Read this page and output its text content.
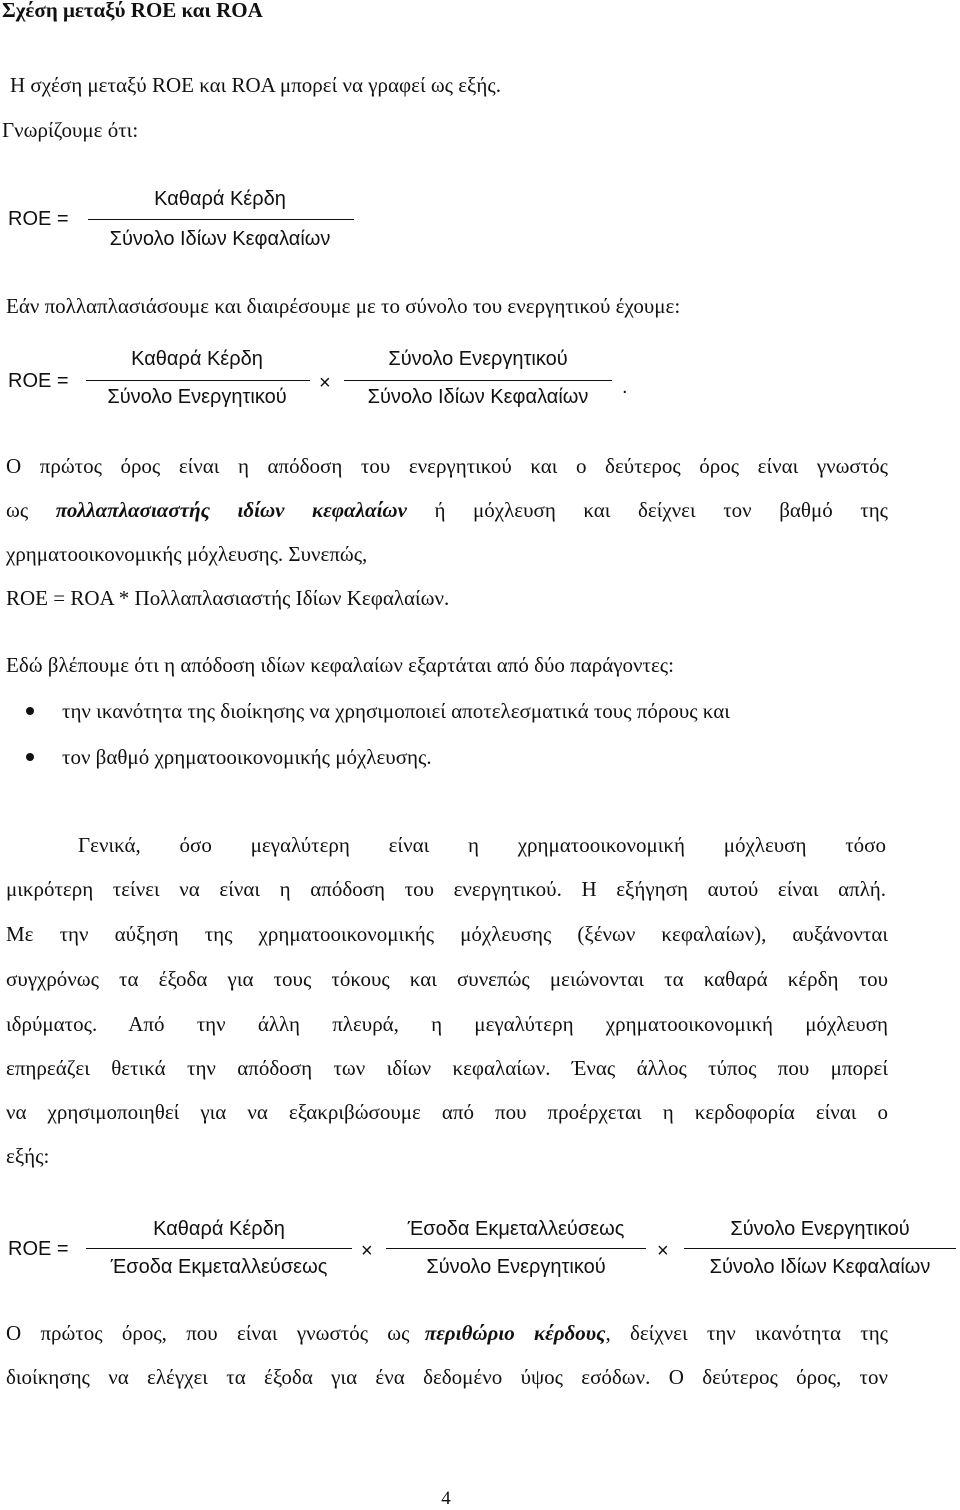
Σχέση μεταξύ ROE και ROA
Η σχέση μεταξύ ROE και ROA μπορεί να γραφεί ως εξής.
Γνωρίζουμε ότι:
ROE =
Καθαρά Κέρδη
Σύνολο Ιδίων Κεφαλαίων
Εάν πολλαπλασιάσουμε και διαιρέσουμε με το σύνολο του ενεργητικού έχουμε:
ROE =
Καθαρά Κέρδη
Σύνολο Ενεργητικού
×
Σύνολο Ενεργητικού
Σύνολο Ιδίων Κεφαλαίων	.
Ο πρώτος όρος είναι η απόδοση του ενεργητικού και ο δεύτερος όρος είναι γνωστός
ως πολλαπλασιαστής ιδίων κεφαλαίων ή μόχλευση και δείχνει τον βαθμό της
χρηματοοικονομικής μόχλευσης. Συνεπώς,
ROE = ROA * Πολλαπλασιαστής Ιδίων Κεφαλαίων.
Εδώ βλέπουμε ότι η απόδοση ιδίων κεφαλαίων εξαρτάται από δύο παράγοντες:
την ικανότητα της διοίκησης να χρησιμοποιεί αποτελεσματικά τους πόρους και
τον βαθμό χρηματοοικονομικής μόχλευσης.
Γενικά, όσο μεγαλύτερη είναι η χρηματοοικονομική μόχλευση τόσο
μικρότερη τείνει να είναι η απόδοση του ενεργητικού. Η εξήγηση αυτού είναι απλή.
Με την αύξηση της χρηματοοικονομικής μόχλευσης (ξένων κεφαλαίων), αυξάνονται
συγχρόνως τα έξοδα για τους τόκους και συνεπώς μειώνονται τα καθαρά κέρδη του
ιδρύματος. Από την άλλη πλευρά, η μεγαλύτερη χρηματοοικονομική μόχλευση
επηρεάζει θετικά την απόδοση των ιδίων κεφαλαίων. Ένας άλλος τύπος που μπορεί
να χρησιμοποιηθεί για να εξακριβώσουμε από που προέρχεται η κερδοφορία είναι ο
εξής:
ROE =
Καθαρά Κέρδη
Έσοδα Εκμεταλλεύσεως
×
Έσοδα Εκμεταλλεύσεως
Σύνολο Ενεργητικού
×
Σύνολο Ενεργητικού
Σύνολο Ιδίων Κεφαλαίων
Ο πρώτος όρος, που είναι γνωστός ως περιθώριο κέρδους, δείχνει την ικανότητα της
διοίκησης να ελέγχει τα έξοδα για ένα δεδομένο ύψος εσόδων. Ο δεύτερος όρος, τον
4
